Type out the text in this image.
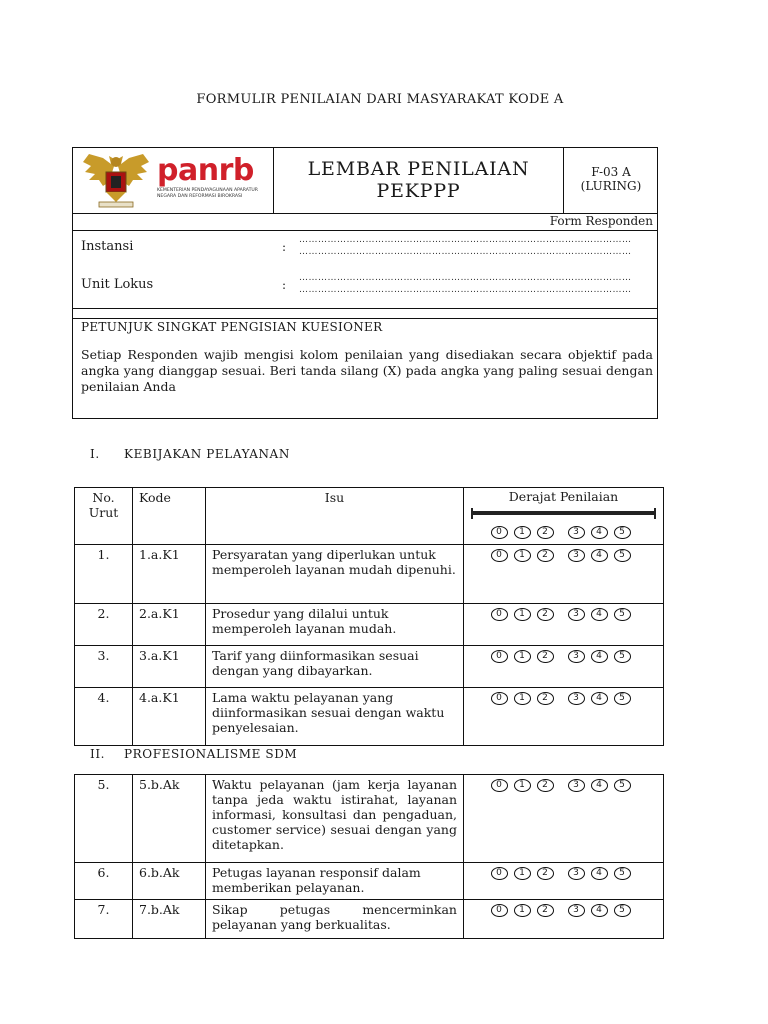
FORMULIR PENILAIAN DARI MASYARAKAT KODE A
panrb
KEMENTERIAN PENDAYAGUNAAN APARATUR NEGARA DAN REFORMASI BIROKRASI
LEMBAR PENILAIAN PEKPPP
F-03 A
(LURING)
Form Responden
Instansi	: ……………………………………………………………………………………………
……………………………………………………………………………………………
Unit Lokus	: ……………………………………………………………………………………………
……………………………………………………………………………………………
PETUNJUK SINGKAT PENGISIAN KUESIONER
Setiap Responden wajib mengisi kolom penilaian yang disediakan secara objektif pada angka yang dianggap sesuai. Beri tanda silang (X) pada angka yang paling sesuai dengan penilaian Anda
I. KEBIJAKAN PELAYANAN
No. Urut	Kode	Isu	Derajat Penilaian
0 1 2 3 4 5
1.	1.a.K1	Persyaratan yang diperlukan untuk memperoleh layanan mudah dipenuhi.	0 1 2 3 4 5
2.	2.a.K1	Prosedur yang dilalui untuk memperoleh layanan mudah.	0 1 2 3 4 5
3.	3.a.K1	Tarif yang diinformasikan sesuai dengan yang dibayarkan.	0 1 2 3 4 5
4.	4.a.K1	Lama waktu pelayanan yang diinformasikan sesuai dengan waktu penyelesaian.	0 1 2 3 4 5
II. PROFESIONALISME SDM
5.	5.b.Ak	Waktu pelayanan (jam kerja layanan tanpa jeda waktu istirahat, layanan informasi, konsultasi dan pengaduan, customer service) sesuai dengan yang ditetapkan.	0 1 2 3 4 5
6.	6.b.Ak	Petugas layanan responsif dalam memberikan pelayanan.	0 1 2 3 4 5
7.	7.b.Ak	Sikap petugas mencerminkan pelayanan yang berkualitas.	0 1 2 3 4 5
